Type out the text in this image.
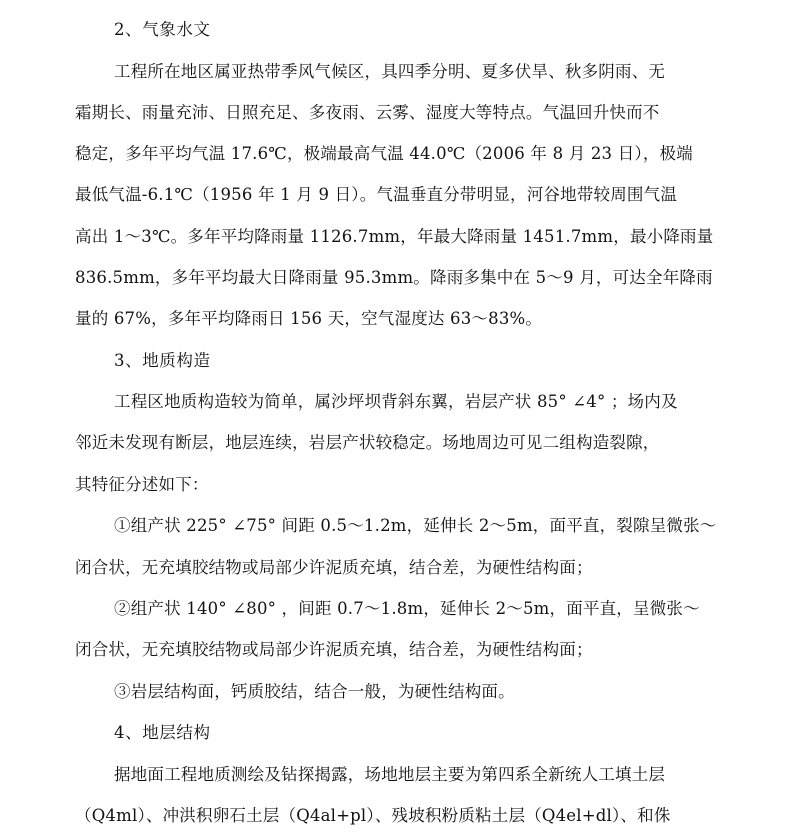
2、气象水文
工程所在地区属亚热带季风气候区，具四季分明、夏多伏旱、秋多阴雨、无
霜期长、雨量充沛、日照充足、多夜雨、云雾、湿度大等特点。气温回升快而不
稳定，多年平均气温 17.6℃，极端最高气温 44.0℃（2006 年 8 月 23 日），极端
最低气温-6.1℃（1956 年 1 月 9 日）。气温垂直分带明显，河谷地带较周围气温
高出 1～3℃。多年平均降雨量 1126.7mm，年最大降雨量 1451.7mm，最小降雨量
836.5mm，多年平均最大日降雨量 95.3mm。降雨多集中在 5～9 月，可达全年降雨
量的 67%，多年平均降雨日 156 天，空气湿度达 63～83%。
3、地质构造
工程区地质构造较为简单，属沙坪坝背斜东翼，岩层产状 85° ∠4° ；场内及
邻近未发现有断层，地层连续，岩层产状较稳定。场地周边可见二组构造裂隙，
其特征分述如下：
①组产状 225° ∠75° 间距 0.5～1.2m，延伸长 2～5m，面平直，裂隙呈微张～
闭合状，无充填胶结物或局部少许泥质充填，结合差，为硬性结构面；
②组产状 140° ∠80° ，间距 0.7～1.8m，延伸长 2～5m，面平直，呈微张～
闭合状，无充填胶结物或局部少许泥质充填，结合差，为硬性结构面；
③岩层结构面，钙质胶结，结合一般，为硬性结构面。
4、地层结构
据地面工程地质测绘及钻探揭露，场地地层主要为第四系全新统人工填土层
（Q4ml）、冲洪积卵石土层（Q4al+pl）、残坡积粉质粘土层（Q4el+dl）、和侏
